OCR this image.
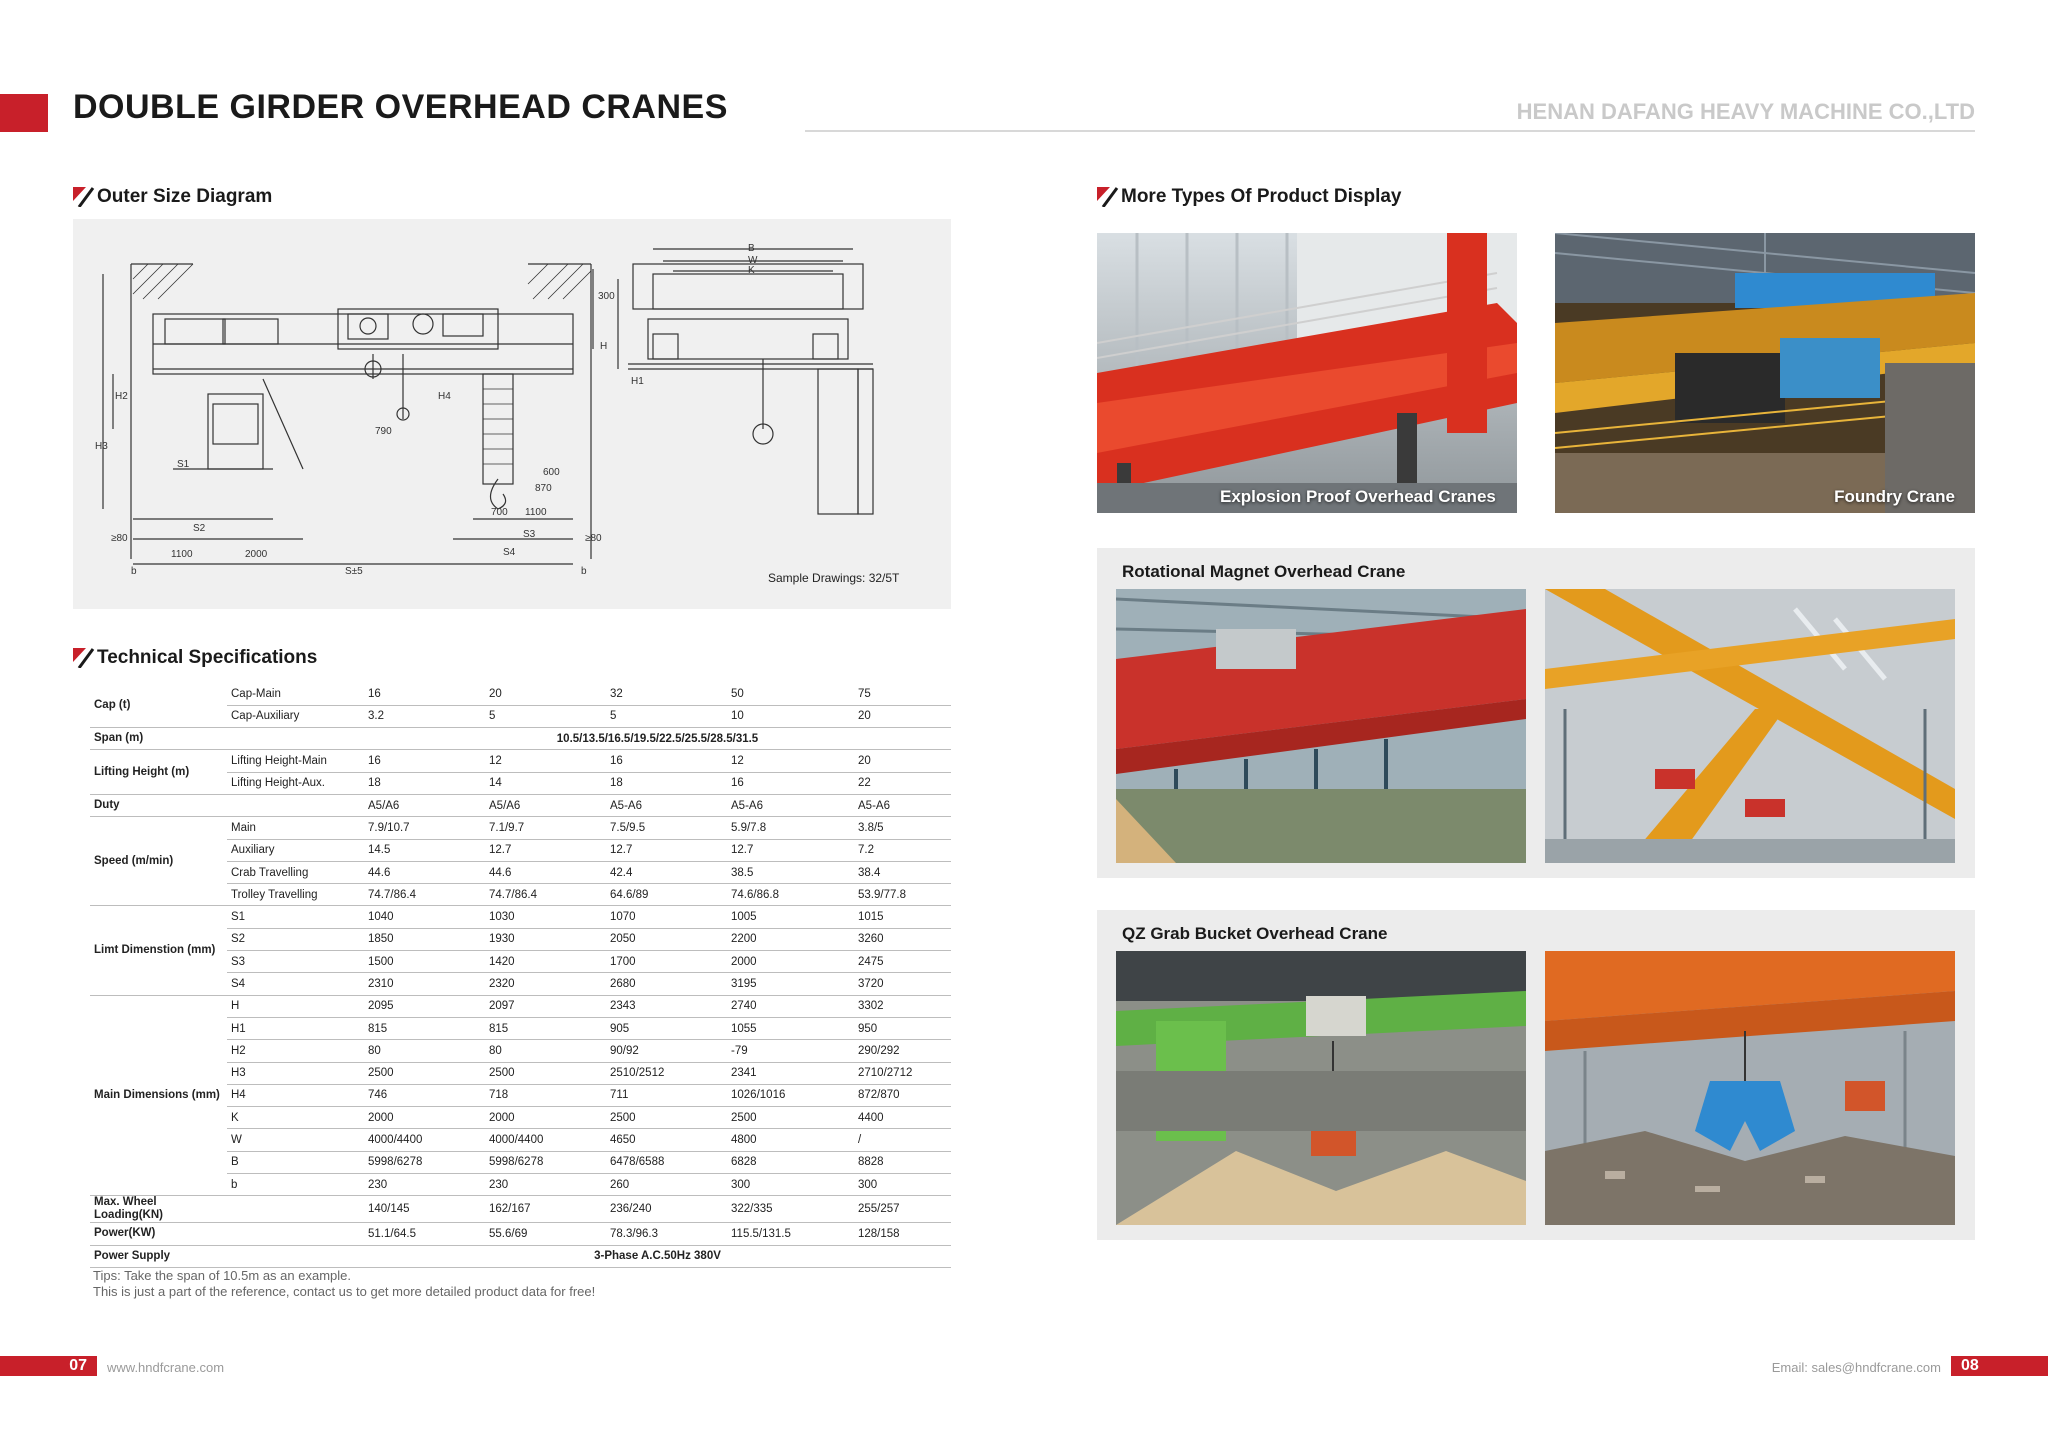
DOUBLE GIRDER OVERHEAD CRANES	HENAN DAFANG HEAVY MACHINE CO.,LTD
Outer Size Diagram
B
W
K
H
H1
H2
H3
H4
S1
S2
S3
S4
S±5
790
600
870
700 1100
1100	2000
≥80	≥80
b	b
300
Sample Drawings: 32/5T
Technical Specifications
Cap (t)	Cap-Main	16	20	32	50	75
	Cap-Auxiliary	3.2	5	5	10	20
Span (m)		10.5/13.5/16.5/19.5/22.5/25.5/28.5/31.5				
Lifting Height (m)	Lifting Height-Main	16	12	16	12	20
	Lifting Height-Aux.	18	14	18	16	22
Duty		A5/A6	A5/A6	A5-A6	A5-A6	A5-A6
Speed (m/min)	Main	7.9/10.7	7.1/9.7	7.5/9.5	5.9/7.8	3.8/5
	Auxiliary	14.5	12.7	12.7	12.7	7.2
	Crab Travelling	44.6	44.6	42.4	38.5	38.4
	Trolley Travelling	74.7/86.4	74.7/86.4	64.6/89	74.6/86.8	53.9/77.8
Limt Dimenstion (mm)	S1	1040	1030	1070	1005	1015
	S2	1850	1930	2050	2200	3260
	S3	1500	1420	1700	2000	2475
	S4	2310	2320	2680	3195	3720
Main Dimensions (mm)	H	2095	2097	2343	2740	3302
	H1	815	815	905	1055	950
	H2	80	80	90/92	-79	290/292
	H3	2500	2500	2510/2512	2341	2710/2712
	H4	746	718	711	1026/1016	872/870
	K	2000	2000	2500	2500	4400
	W	4000/4400	4000/4400	4650	4800	/
	B	5998/6278	5998/6278	6478/6588	6828	8828
	b	230	230	260	300	300
Max. Wheel Loading(KN)		140/145	162/167	236/240	322/335	255/257
Power(KW)		51.1/64.5	55.6/69	78.3/96.3	115.5/131.5	128/158
Power Supply		3-Phase A.C.50Hz 380V				
Tips: Take the span of 10.5m as an example.
This is just a part of the reference, contact us to get more detailed product data for free!
More Types Of Product Display
Explosion Proof Overhead Cranes	Foundry Crane
Rotational Magnet Overhead Crane
QZ Grab Bucket Overhead Crane
07	www.hndfcrane.com	Email: sales@hndfcrane.com	08
